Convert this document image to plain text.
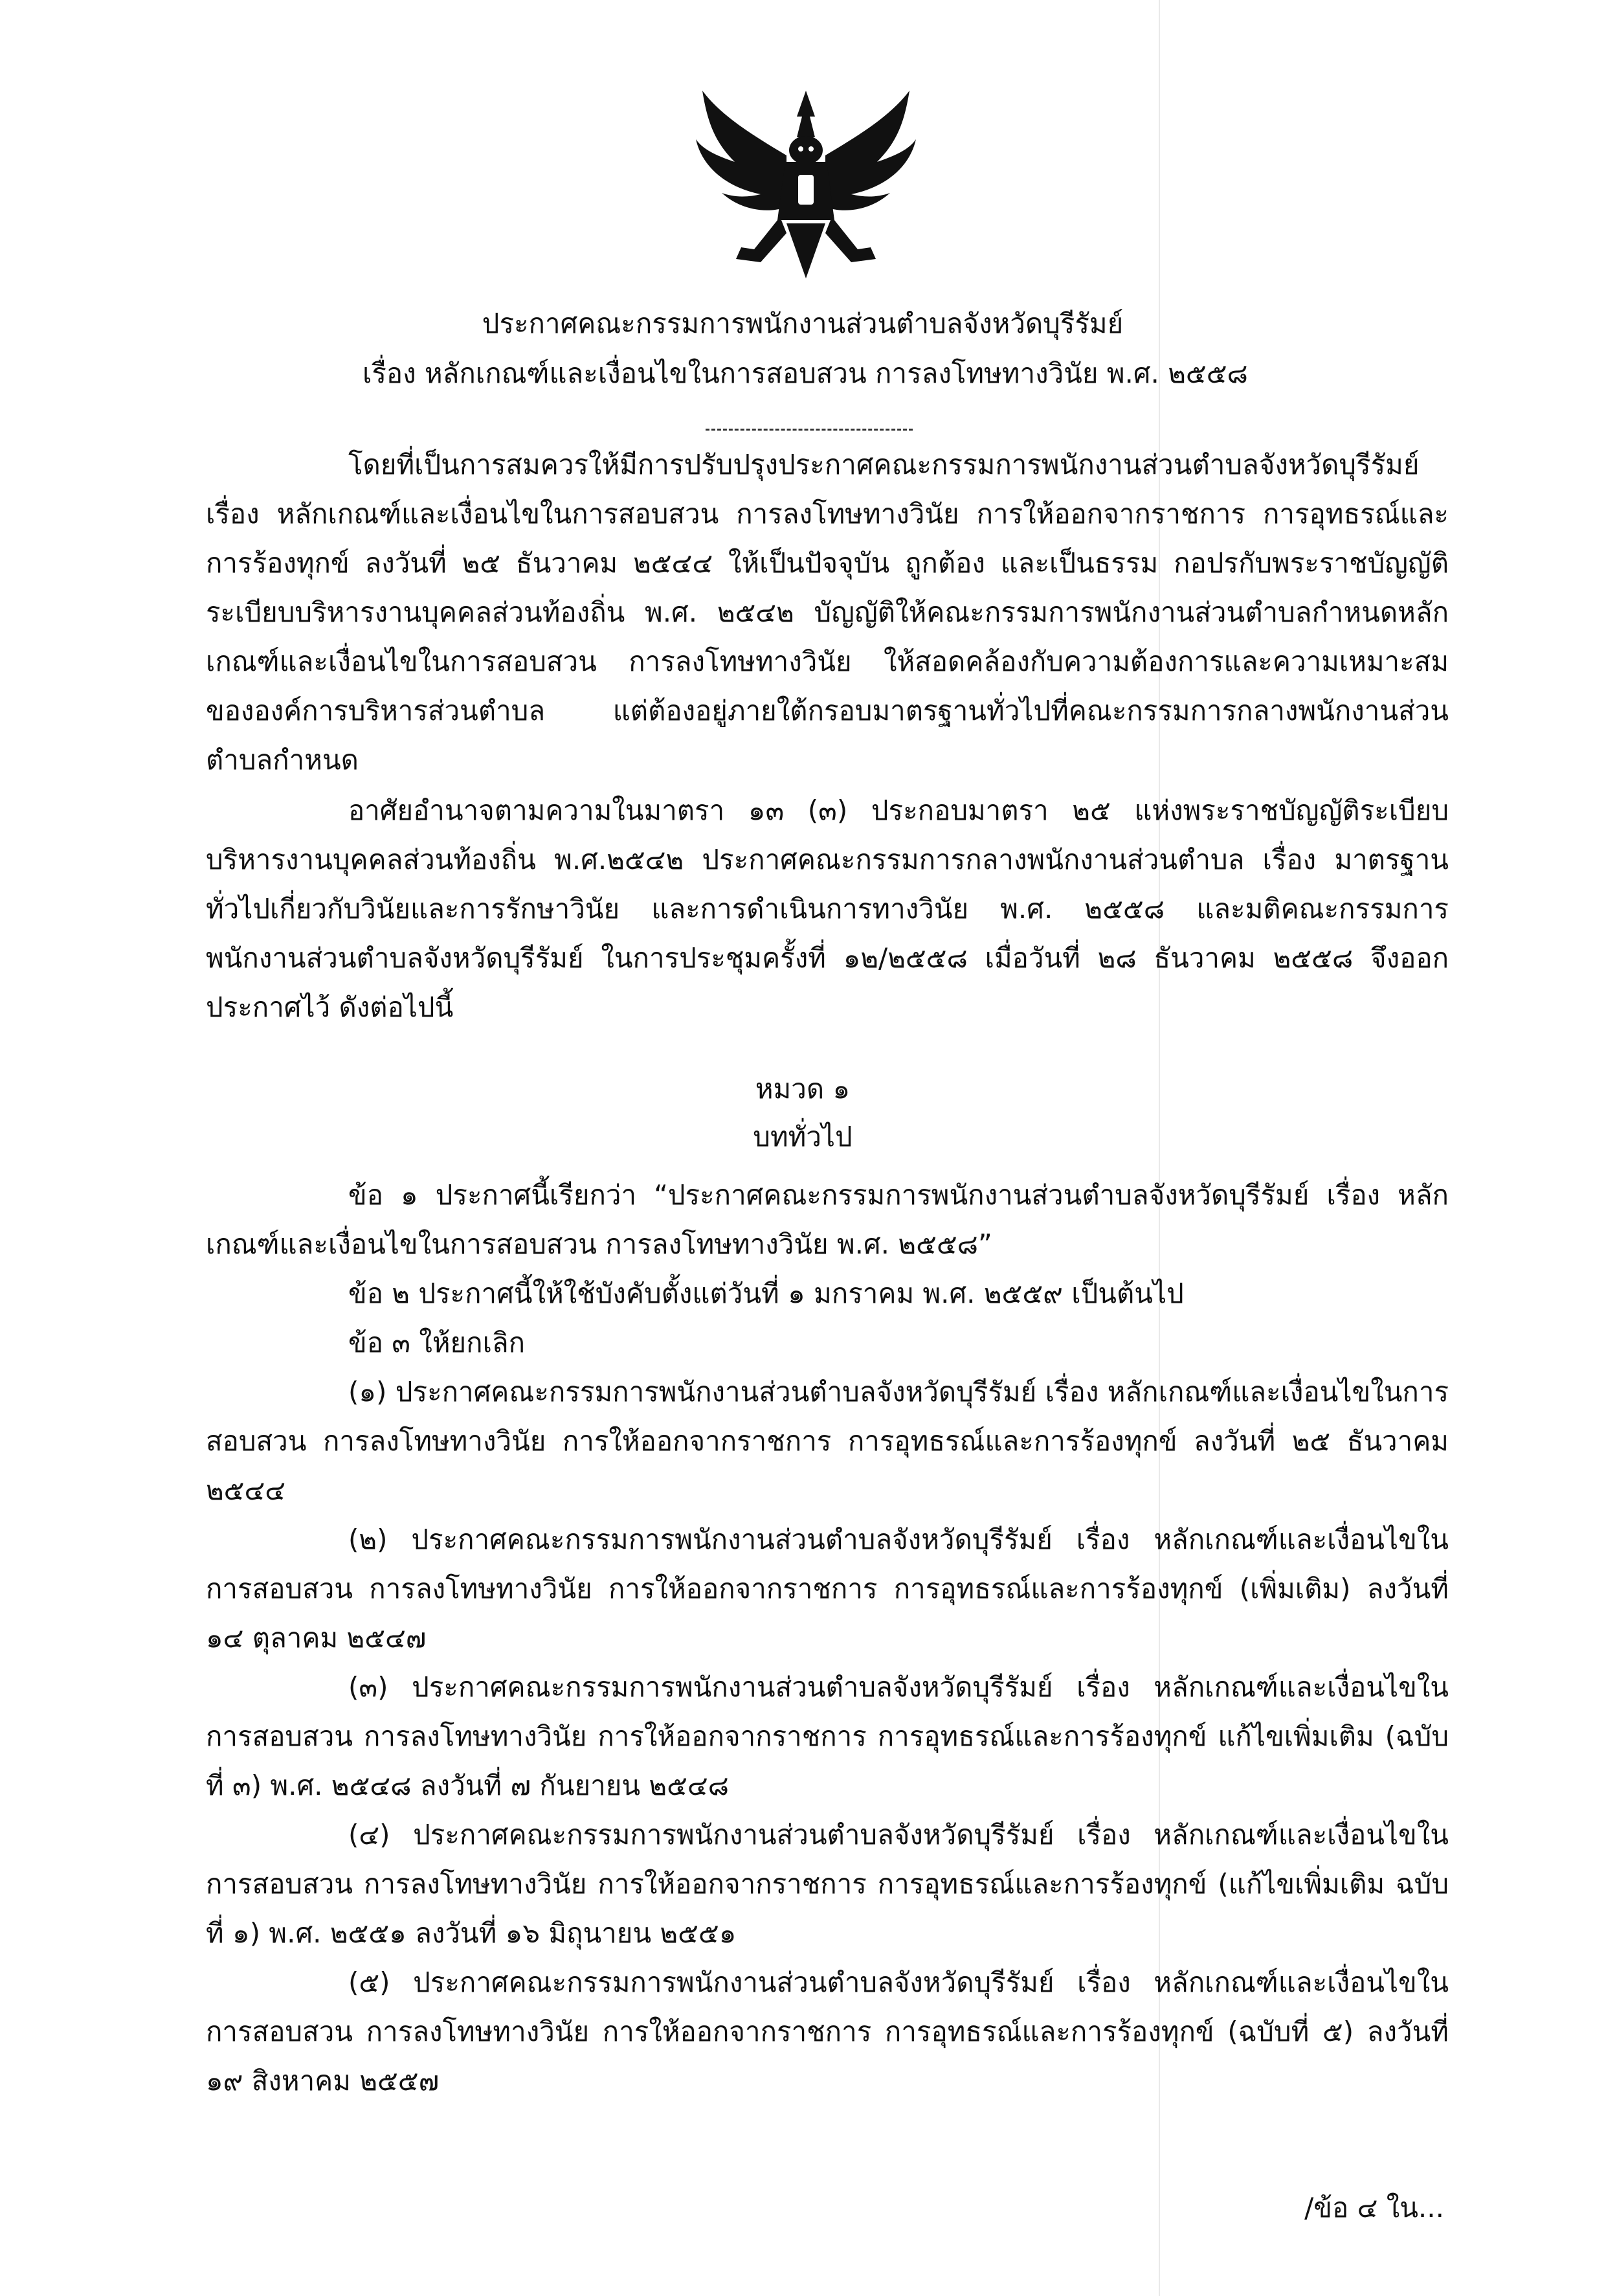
ประกาศคณะกรรมการพนักงานส่วนตำบลจังหวัดบุรีรัมย์
เรื่อง หลักเกณฑ์และเงื่อนไขในการสอบสวน การลงโทษทางวินัย พ.ศ. ๒๕๕๘

โดยที่เป็นการสมควรให้มีการปรับปรุงประกาศคณะกรรมการพนักงานส่วนตำบลจังหวัดบุรีรัมย์ เรื่อง หลักเกณฑ์และเงื่อนไขในการสอบสวน การลงโทษทางวินัย การให้ออกจากราชการ การอุทธรณ์และการร้องทุกข์ ลงวันที่ ๒๕ ธันวาคม ๒๕๔๔ ให้เป็นปัจจุบัน ถูกต้อง และเป็นธรรม กอปรกับพระราชบัญญัติระเบียบบริหารงานบุคคลส่วนท้องถิ่น พ.ศ. ๒๕๔๒ บัญญัติให้คณะกรรมการพนักงานส่วนตำบลกำหนดหลักเกณฑ์และเงื่อนไขในการสอบสวน การลงโทษทางวินัย ให้สอดคล้องกับความต้องการและความเหมาะสมขององค์การบริหารส่วนตำบล แต่ต้องอยู่ภายใต้กรอบมาตรฐานทั่วไปที่คณะกรรมการกลางพนักงานส่วนตำบลกำหนด

อาศัยอำนาจตามความในมาตรา ๑๓ (๓) ประกอบมาตรา ๒๕ แห่งพระราชบัญญัติระเบียบบริหารงานบุคคลส่วนท้องถิ่น พ.ศ.๒๕๔๒ ประกาศคณะกรรมการกลางพนักงานส่วนตำบล เรื่อง มาตรฐานทั่วไปเกี่ยวกับวินัยและการรักษาวินัย และการดำเนินการทางวินัย พ.ศ. ๒๕๕๘ และมติคณะกรรมการพนักงานส่วนตำบลจังหวัดบุรีรัมย์ ในการประชุมครั้งที่ ๑๒/๒๕๕๘ เมื่อวันที่ ๒๘ ธันวาคม ๒๕๕๘ จึงออกประกาศไว้ ดังต่อไปนี้

หมวด ๑
บททั่วไป

ข้อ ๑ ประกาศนี้เรียกว่า “ประกาศคณะกรรมการพนักงานส่วนตำบลจังหวัดบุรีรัมย์ เรื่อง หลักเกณฑ์และเงื่อนไขในการสอบสวน การลงโทษทางวินัย พ.ศ. ๒๕๕๘”

ข้อ ๒ ประกาศนี้ให้ใช้บังคับตั้งแต่วันที่ ๑ มกราคม พ.ศ. ๒๕๕๙ เป็นต้นไป

ข้อ ๓ ให้ยกเลิก

(๑) ประกาศคณะกรรมการพนักงานส่วนตำบลจังหวัดบุรีรัมย์ เรื่อง หลักเกณฑ์และเงื่อนไขในการสอบสวน การลงโทษทางวินัย การให้ออกจากราชการ การอุทธรณ์และการร้องทุกข์ ลงวันที่ ๒๕ ธันวาคม ๒๕๔๔

(๒) ประกาศคณะกรรมการพนักงานส่วนตำบลจังหวัดบุรีรัมย์ เรื่อง หลักเกณฑ์และเงื่อนไขในการสอบสวน การลงโทษทางวินัย การให้ออกจากราชการ การอุทธรณ์และการร้องทุกข์ (เพิ่มเติม) ลงวันที่ ๑๔ ตุลาคม ๒๕๔๗

(๓) ประกาศคณะกรรมการพนักงานส่วนตำบลจังหวัดบุรีรัมย์ เรื่อง หลักเกณฑ์และเงื่อนไขในการสอบสวน การลงโทษทางวินัย การให้ออกจากราชการ การอุทธรณ์และการร้องทุกข์ แก้ไขเพิ่มเติม (ฉบับที่ ๓) พ.ศ. ๒๕๔๘ ลงวันที่ ๗ กันยายน ๒๕๔๘

(๔) ประกาศคณะกรรมการพนักงานส่วนตำบลจังหวัดบุรีรัมย์ เรื่อง หลักเกณฑ์และเงื่อนไขในการสอบสวน การลงโทษทางวินัย การให้ออกจากราชการ การอุทธรณ์และการร้องทุกข์ (แก้ไขเพิ่มเติม ฉบับที่ ๑) พ.ศ. ๒๕๕๑ ลงวันที่ ๑๖ มิถุนายน ๒๕๕๑

(๕) ประกาศคณะกรรมการพนักงานส่วนตำบลจังหวัดบุรีรัมย์ เรื่อง หลักเกณฑ์และเงื่อนไขในการสอบสวน การลงโทษทางวินัย การให้ออกจากราชการ การอุทธรณ์และการร้องทุกข์ (ฉบับที่ ๕) ลงวันที่ ๑๙ สิงหาคม ๒๕๕๗

/ข้อ ๔ ใน...
